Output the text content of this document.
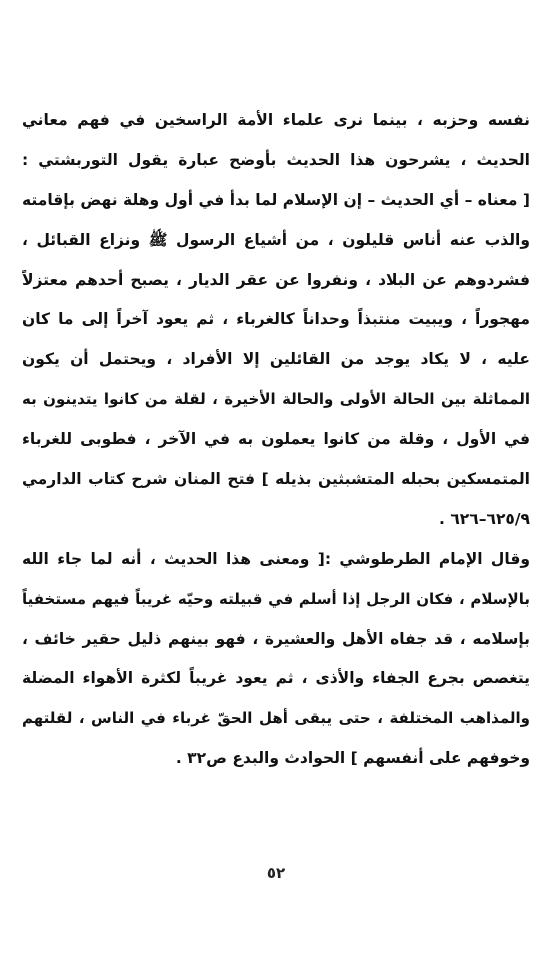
نفسه وحزبه ، بينما نرى علماء الأمة الراسخين في فهم معاني
الحديث ، يشرحون هذا الحديث بأوضح عبارة يقول التوربشتي :
[ معناه – أي الحديث – إن الإسلام لما بدأ في أول وهلة نهض بإقامته
والذب عنه أناس قليلون ، من أشياع الرسول ﷺ ونزاع القبائل ،
فشردوهم عن البلاد ، ونفروا عن عقر الديار ، يصبح أحدهم معتزلاً
مهجوراً ، ويبيت منتبذاً وحداناً كالغرباء ، ثم يعود آخراً إلى ما كان
عليه ، لا يكاد يوجد من القائلين إلا الأفراد ، ويحتمل أن يكون
المماثلة بين الحالة الأولى والحالة الأخيرة ، لقلة من كانوا يتدينون به
في الأول ، وقلة من كانوا يعملون به في الآخر ، فطوبى للغرباء
المتمسكين بحبله المتشبثين بذيله ] فتح المنان شرح كتاب الدارمي
٦٢٥/٩–٦٢٦ .
وقال الإمام الطرطوشي :[ ومعنى هذا الحديث ، أنه لما جاء الله
بالإسلام ، فكان الرجل إذا أسلم في قبيلته وحيّه غريباً فيهم مستخفياً
بإسلامه ، قد جفاه الأهل والعشيرة ، فهو بينهم ذليل حقير خائف ،
يتغصص بجرع الجفاء والأذى ، ثم يعود غريباً لكثرة الأهواء المضلة
والمذاهب المختلفة ، حتى يبقى أهل الحقّ غرباء في الناس ، لقلتهم
وخوفهم على أنفسهم ] الحوادث والبدع ص٣٢ .
٥٢
